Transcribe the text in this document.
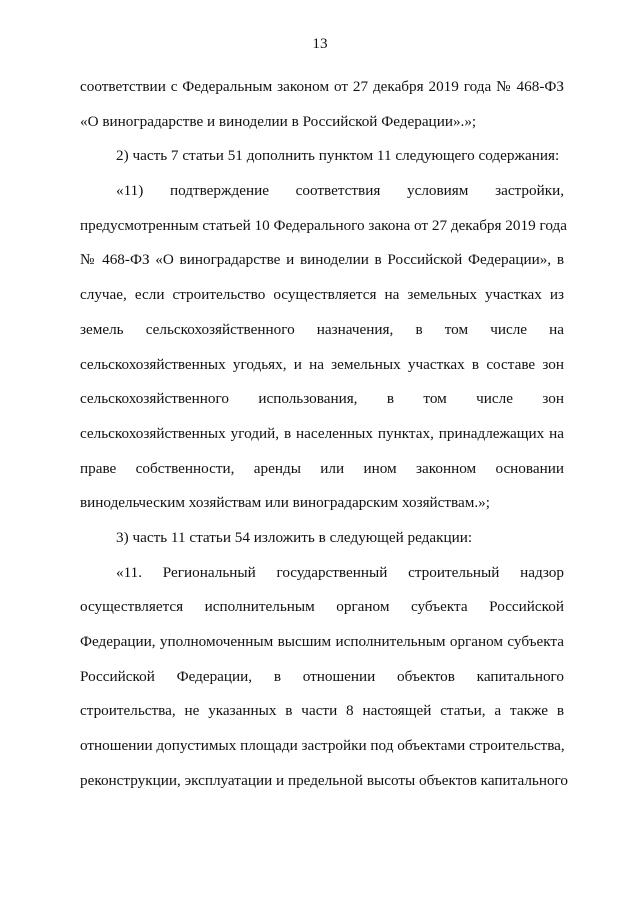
13
соответствии с Федеральным законом от 27 декабря 2019 года № 468-ФЗ
«О виноградарстве и виноделии в Российской Федерации».»;
2) часть 7 статьи 51 дополнить пунктом 11 следующего содержания:
«11) подтверждение соответствия условиям застройки,
предусмотренным статьей 10 Федерального закона от 27 декабря 2019 года
№ 468-ФЗ «О виноградарстве и виноделии в Российской Федерации», в
случае, если строительство осуществляется на земельных участках из
земель сельскохозяйственного назначения, в том числе на
сельскохозяйственных угодьях, и на земельных участках в составе зон
сельскохозяйственного использования, в том числе зон
сельскохозяйственных угодий, в населенных пунктах, принадлежащих на
праве собственности, аренды или ином законном основании
винодельческим хозяйствам или виноградарским хозяйствам.»;
3) часть 11 статьи 54 изложить в следующей редакции:
«11. Региональный государственный строительный надзор
осуществляется исполнительным органом субъекта Российской
Федерации, уполномоченным высшим исполнительным органом субъекта
Российской Федерации, в отношении объектов капитального
строительства, не указанных в части 8 настоящей статьи, а также в
отношении допустимых площади застройки под объектами строительства,
реконструкции, эксплуатации и предельной высоты объектов капитального
